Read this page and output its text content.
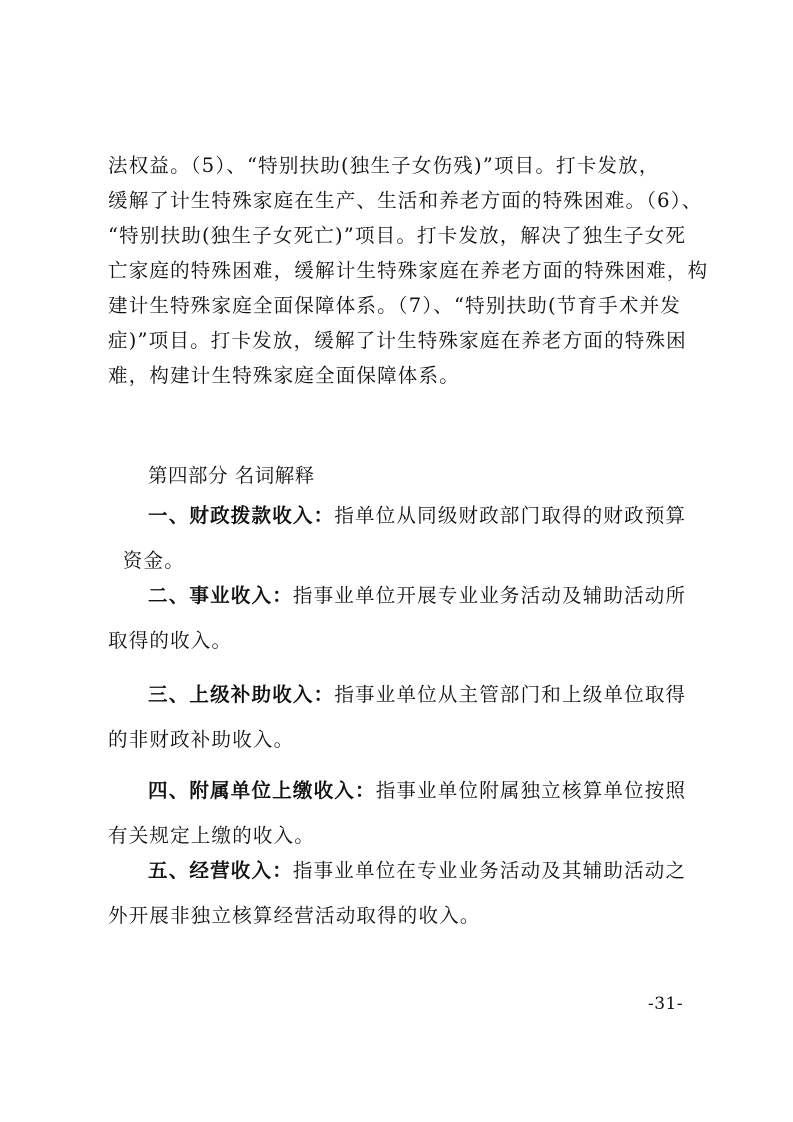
法权益。（5）、“特别扶助(独生子女伤残)”项目。打卡发放，
缓解了计生特殊家庭在生产、生活和养老方面的特殊困难。（6）、
“特别扶助(独生子女死亡)”项目。打卡发放，解决了独生子女死
亡家庭的特殊困难，缓解计生特殊家庭在养老方面的特殊困难，构
建计生特殊家庭全面保障体系。（7）、“特别扶助(节育手术并发
症)”项目。打卡发放，缓解了计生特殊家庭在养老方面的特殊困
难，构建计生特殊家庭全面保障体系。
第四部分 名词解释
一、财政拨款收入：指单位从同级财政部门取得的财政预算
资金。
二、事业收入：指事业单位开展专业业务活动及辅助活动所
取得的收入。
三、上级补助收入：指事业单位从主管部门和上级单位取得
的非财政补助收入。
四、附属单位上缴收入：指事业单位附属独立核算单位按照
有关规定上缴的收入。
五、经营收入：指事业单位在专业业务活动及其辅助活动之
外开展非独立核算经营活动取得的收入。
-31-
